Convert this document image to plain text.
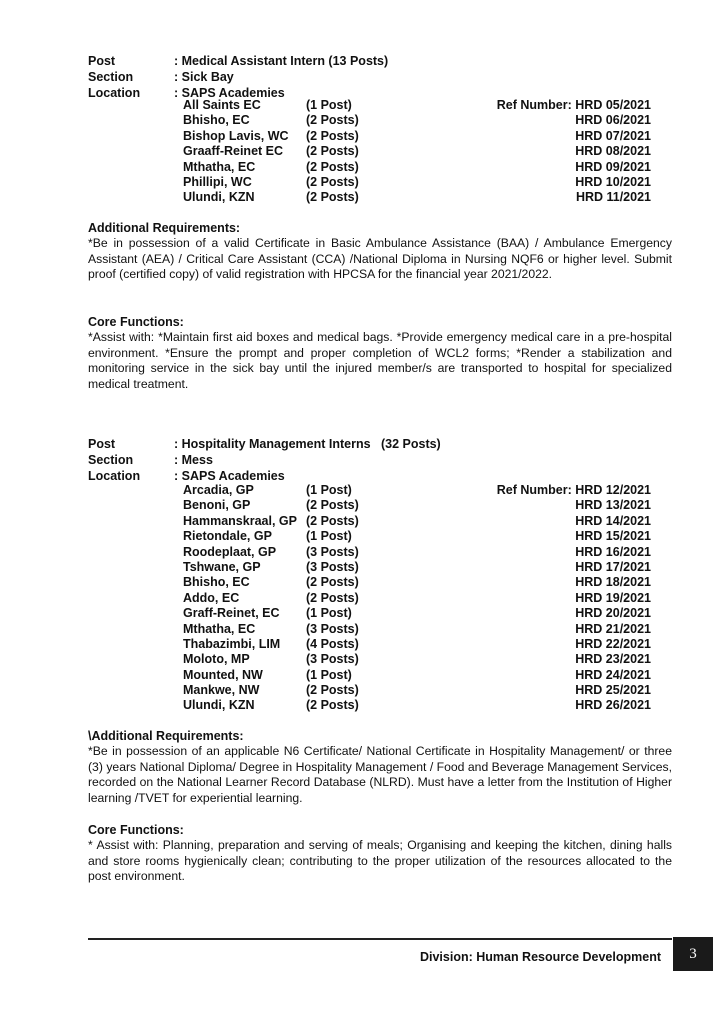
Post	: Medical Assistant Intern (13 Posts)
Section	: Sick Bay
Location	: SAPS Academies
All Saints EC	(1 Post)	Ref Number: HRD 05/2021
Bhisho, EC	(2 Posts)	HRD 06/2021
Bishop Lavis, WC	(2 Posts)	HRD 07/2021
Graaff-Reinet EC	(2 Posts)	HRD 08/2021
Mthatha, EC	(2 Posts)	HRD 09/2021
Phillipi, WC	(2 Posts)	HRD 10/2021
Ulundi, KZN	(2 Posts)	HRD 11/2021
Additional Requirements:
*Be in possession of a valid Certificate in Basic Ambulance Assistance (BAA) / Ambulance Emergency Assistant (AEA) / Critical Care Assistant (CCA) /National Diploma in Nursing NQF6 or higher level. Submit proof (certified copy) of valid registration with HPCSA for the financial year 2021/2022.
Core Functions:
*Assist with: *Maintain first aid boxes and medical bags. *Provide emergency medical care in a pre-hospital environment. *Ensure the prompt and proper completion of WCL2 forms; *Render a stabilization and monitoring service in the sick bay until the injured member/s are transported to hospital for specialized medical treatment.
Post	: Hospitality Management Interns   (32 Posts)
Section	: Mess
Location	: SAPS Academies
Arcadia, GP	(1 Post)	Ref Number: HRD 12/2021
Benoni, GP	(2 Posts)	HRD 13/2021
Hammanskraal, GP (2 Posts)	HRD 14/2021
Rietondale, GP	(1 Post)	HRD 15/2021
Roodeplaat, GP	(3 Posts)	HRD 16/2021
Tshwane, GP	(3 Posts)	HRD 17/2021
Bhisho, EC	(2 Posts)	HRD 18/2021
Addo, EC	(2 Posts)	HRD 19/2021
Graff-Reinet, EC	(1 Post)	HRD 20/2021
Mthatha, EC	(3 Posts)	HRD 21/2021
Thabazimbi, LIM	(4 Posts)	HRD 22/2021
Moloto, MP	(3 Posts)	HRD 23/2021
Mounted, NW	(1 Post)	HRD 24/2021
Mankwe, NW	(2 Posts)	HRD 25/2021
Ulundi, KZN	(2 Posts)	HRD 26/2021
\Additional Requirements:
*Be in possession of an applicable N6 Certificate/ National Certificate in Hospitality Management/ or three (3) years National Diploma/ Degree in Hospitality Management / Food and Beverage Management Services, recorded on the National Learner Record Database (NLRD). Must have a letter from the Institution of Higher learning /TVET for experiential learning.
Core Functions:
* Assist with: Planning, preparation and serving of meals; Organising and keeping the kitchen, dining halls and store rooms hygienically clean; contributing to the proper utilization of the resources allocated to the post environment.
Division: Human Resource Development	3
